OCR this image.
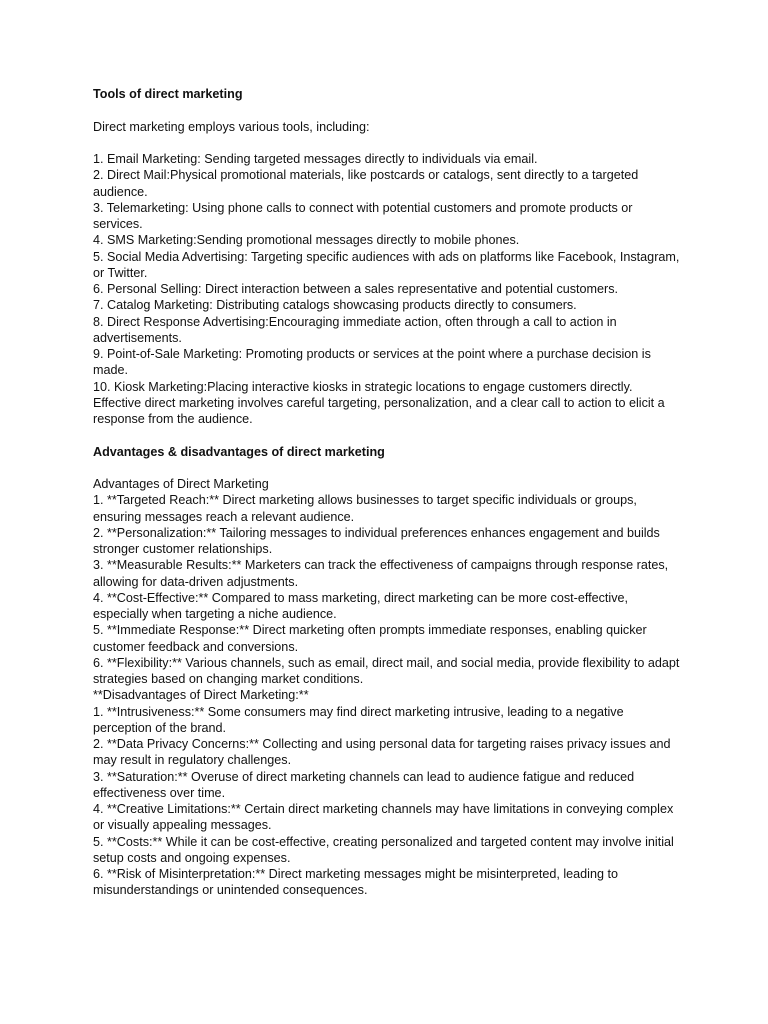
Tools of direct marketing

Direct marketing employs various tools, including:

1. Email Marketing: Sending targeted messages directly to individuals via email.

2. Direct Mail:Physical promotional materials, like postcards or catalogs, sent directly to a targeted audience.

3. Telemarketing: Using phone calls to connect with potential customers and promote products or services.

4. SMS Marketing:Sending promotional messages directly to mobile phones.

5. Social Media Advertising: Targeting specific audiences with ads on platforms like Facebook, Instagram, or Twitter.

6. Personal Selling: Direct interaction between a sales representative and potential customers.

7. Catalog Marketing: Distributing catalogs showcasing products directly to consumers.

8. Direct Response Advertising:Encouraging immediate action, often through a call to action in advertisements.

9. Point-of-Sale Marketing: Promoting products or services at the point where a purchase decision is made.

10. Kiosk Marketing:Placing interactive kiosks in strategic locations to engage customers directly.

Effective direct marketing involves careful targeting, personalization, and a clear call to action to elicit a response from the audience.

Advantages & disadvantages of direct marketing

Advantages of Direct Marketing

1. **Targeted Reach:** Direct marketing allows businesses to target specific individuals or groups, ensuring messages reach a relevant audience.

2. **Personalization:** Tailoring messages to individual preferences enhances engagement and builds stronger customer relationships.

3. **Measurable Results:** Marketers can track the effectiveness of campaigns through response rates, allowing for data-driven adjustments.

4. **Cost-Effective:** Compared to mass marketing, direct marketing can be more cost-effective, especially when targeting a niche audience.

5. **Immediate Response:** Direct marketing often prompts immediate responses, enabling quicker customer feedback and conversions.

6. **Flexibility:** Various channels, such as email, direct mail, and social media, provide flexibility to adapt strategies based on changing market conditions.

**Disadvantages of Direct Marketing:**

1. **Intrusiveness:** Some consumers may find direct marketing intrusive, leading to a negative perception of the brand.

2. **Data Privacy Concerns:** Collecting and using personal data for targeting raises privacy issues and may result in regulatory challenges.

3. **Saturation:** Overuse of direct marketing channels can lead to audience fatigue and reduced effectiveness over time.

4. **Creative Limitations:** Certain direct marketing channels may have limitations in conveying complex or visually appealing messages.

5. **Costs:** While it can be cost-effective, creating personalized and targeted content may involve initial setup costs and ongoing expenses.

6. **Risk of Misinterpretation:** Direct marketing messages might be misinterpreted, leading to misunderstandings or unintended consequences.
